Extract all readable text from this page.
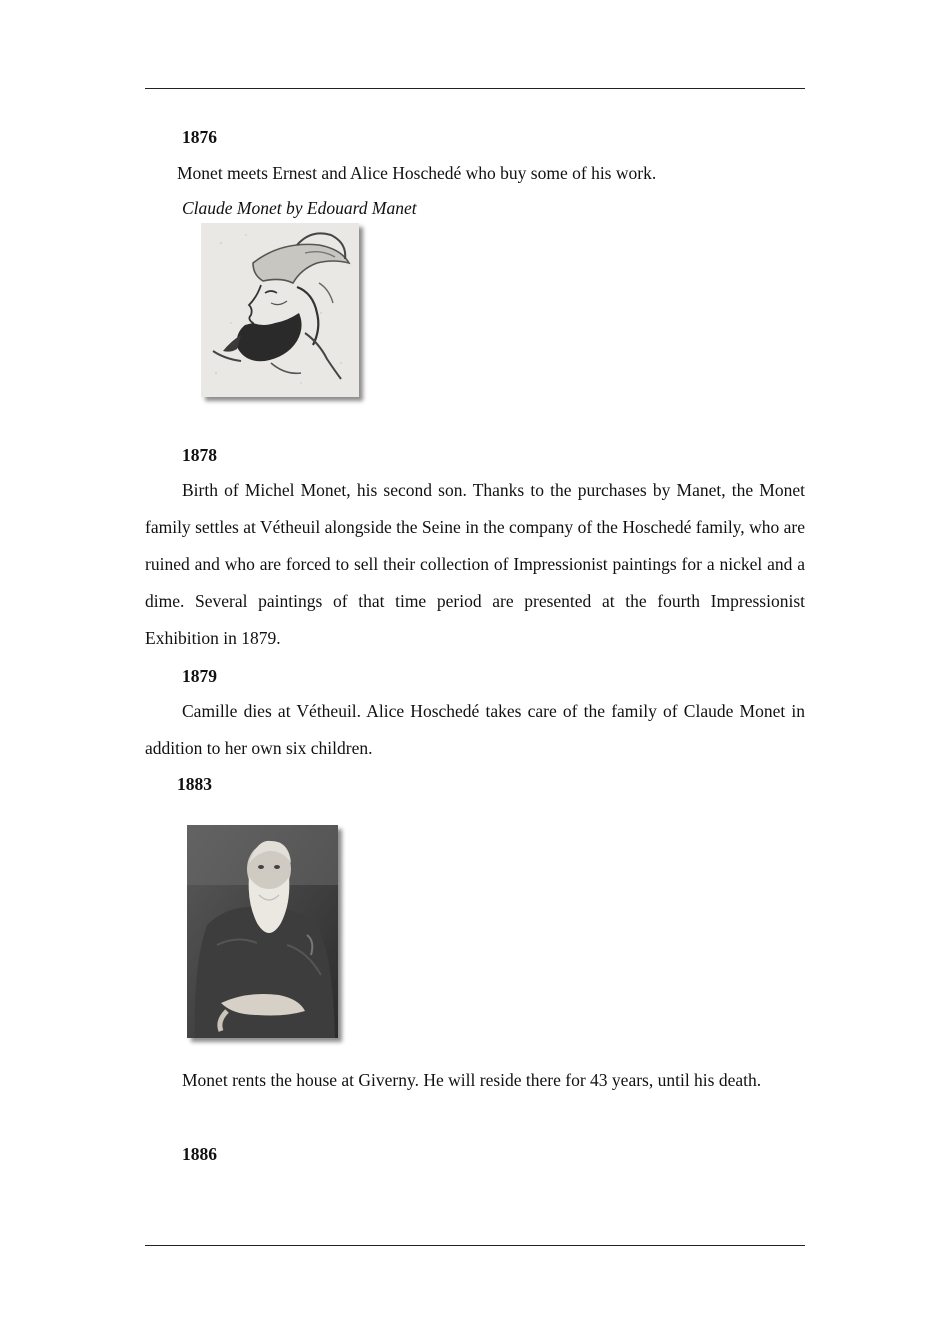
1876
Monet meets Ernest and Alice Hoschedé who buy some of his work.
Claude Monet by Edouard Manet
1878

Birth of Michel Monet, his second son. Thanks to the purchases by Manet, the Monet family settles at Vétheuil alongside the Seine in the company of the Hoschedé family, who are ruined and who are forced to sell their collection of Impressionist paintings for a nickel and a dime. Several paintings of that time period are presented at the fourth Impressionist Exhibition in 1879.

1879

Camille dies at Vétheuil. Alice Hoschedé takes care of the family of Claude Monet in addition to her own six children.

1883

Monet rents the house at Giverny. He will reside there for 43 years, until his death.

1886
